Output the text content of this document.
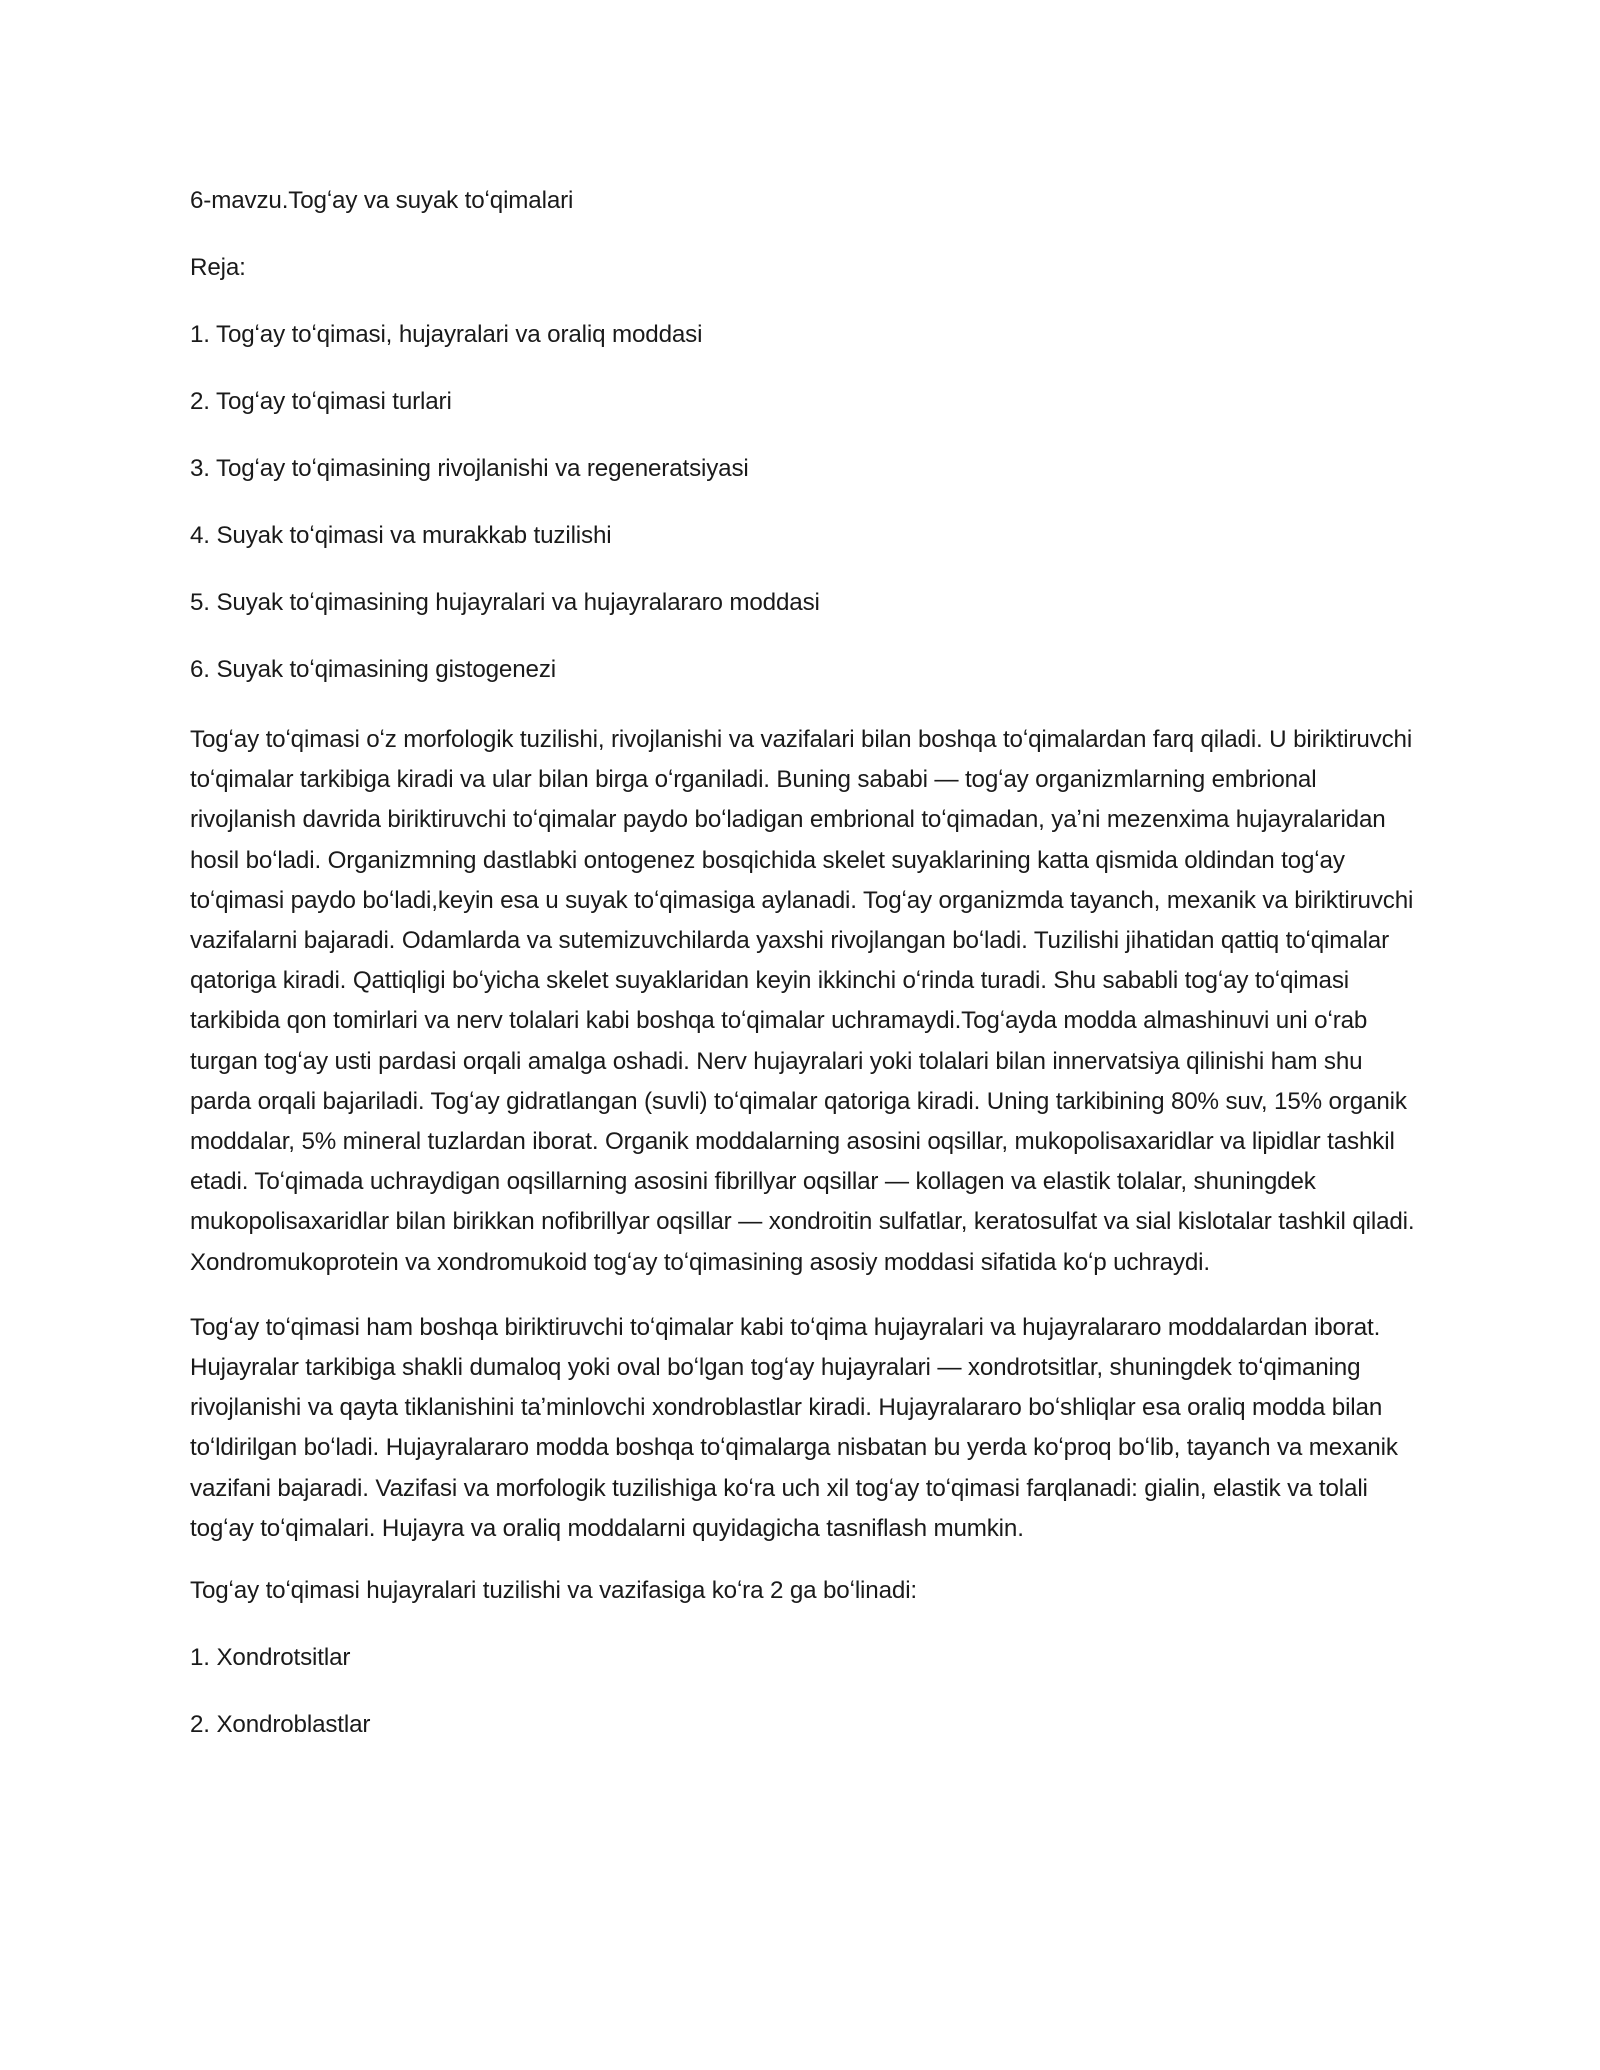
6-mavzu.Togʻay va suyak toʻqimalari

Reja:

1. Togʻay toʻqimasi, hujayralari va oraliq moddasi

2. Togʻay toʻqimasi turlari

3. Togʻay toʻqimasining rivojlanishi va regeneratsiyasi

4. Suyak toʻqimasi va murakkab tuzilishi

5. Suyak toʻqimasining hujayralari va hujayralararo moddasi

6. Suyak toʻqimasining gistogenezi

Togʻay toʻqimasi oʻz morfologik tuzilishi, rivojlanishi va vazifalari bilan boshqa toʻqimalardan farq qiladi. U biriktiruvchi toʻqimalar tarkibiga kiradi va ular bilan birga oʻrganiladi. Buning sababi — togʻay organizmlarning embrional rivojlanish davrida biriktiruvchi toʻqimalar paydo boʻladigan embrional toʻqimadan, yaʼni mezenxima hujayralaridan hosil boʻladi. Organizmning dastlabki ontogenez bosqichida skelet suyaklarining katta qismida oldindan togʻay toʻqimasi paydo boʻladi,keyin esa u suyak toʻqimasiga aylanadi. Togʻay organizmda tayanch, mexanik va biriktiruvchi vazifalarni bajaradi. Odamlarda va sutemizuvchilarda yaxshi rivojlangan boʻladi. Tuzilishi jihatidan qattiq toʻqimalar qatoriga kiradi. Qattiqligi boʻyicha skelet suyaklaridan keyin ikkinchi oʻrinda turadi. Shu sababli togʻay toʻqimasi tarkibida qon tomirlari va nerv tolalari kabi boshqa toʻqimalar uchramaydi.Togʻayda modda almashinuvi uni oʻrab turgan togʻay usti pardasi orqali amalga oshadi. Nerv hujayralari yoki tolalari bilan innervatsiya qilinishi ham shu parda orqali bajariladi. Togʻay gidratlangan (suvli) toʻqimalar qatoriga kiradi. Uning tarkibining 80% suv, 15% organik moddalar, 5% mineral tuzlardan iborat. Organik moddalarning asosini oqsillar, mukopolisaxaridlar va lipidlar tashkil etadi. Toʻqimada uchraydigan oqsillarning asosini fibrillyar oqsillar — kollagen va elastik tolalar, shuningdek mukopolisaxaridlar bilan birikkan nofibrillyar oqsillar — xondroitin sulfatlar, keratosulfat va sial kislotalar tashkil qiladi. Xondromukoprotein va xondromukoid togʻay toʻqimasining asosiy moddasi sifatida koʻp uchraydi.

Togʻay toʻqimasi ham boshqa biriktiruvchi toʻqimalar kabi toʻqima hujayralari va hujayralararo moddalardan iborat. Hujayralar tarkibiga shakli dumaloq yoki oval boʻlgan togʻay hujayralari — xondrotsitlar, shuningdek toʻqimaning rivojlanishi va qayta tiklanishini taʼminlovchi xondroblastlar kiradi. Hujayralararo boʻshliqlar esa oraliq modda bilan toʻldirilgan boʻladi. Hujayralararo modda boshqa toʻqimalarga nisbatan bu yerda koʻproq boʻlib, tayanch va mexanik vazifani bajaradi. Vazifasi va morfologik tuzilishiga koʻra uch xil togʻay toʻqimasi farqlanadi: gialin, elastik va tolali togʻay toʻqimalari. Hujayra va oraliq moddalarni quyidagicha tasniflash mumkin.

Togʻay toʻqimasi hujayralari tuzilishi va vazifasiga koʻra 2 ga boʻlinadi:

1. Xondrotsitlar

2. Xondroblastlar
